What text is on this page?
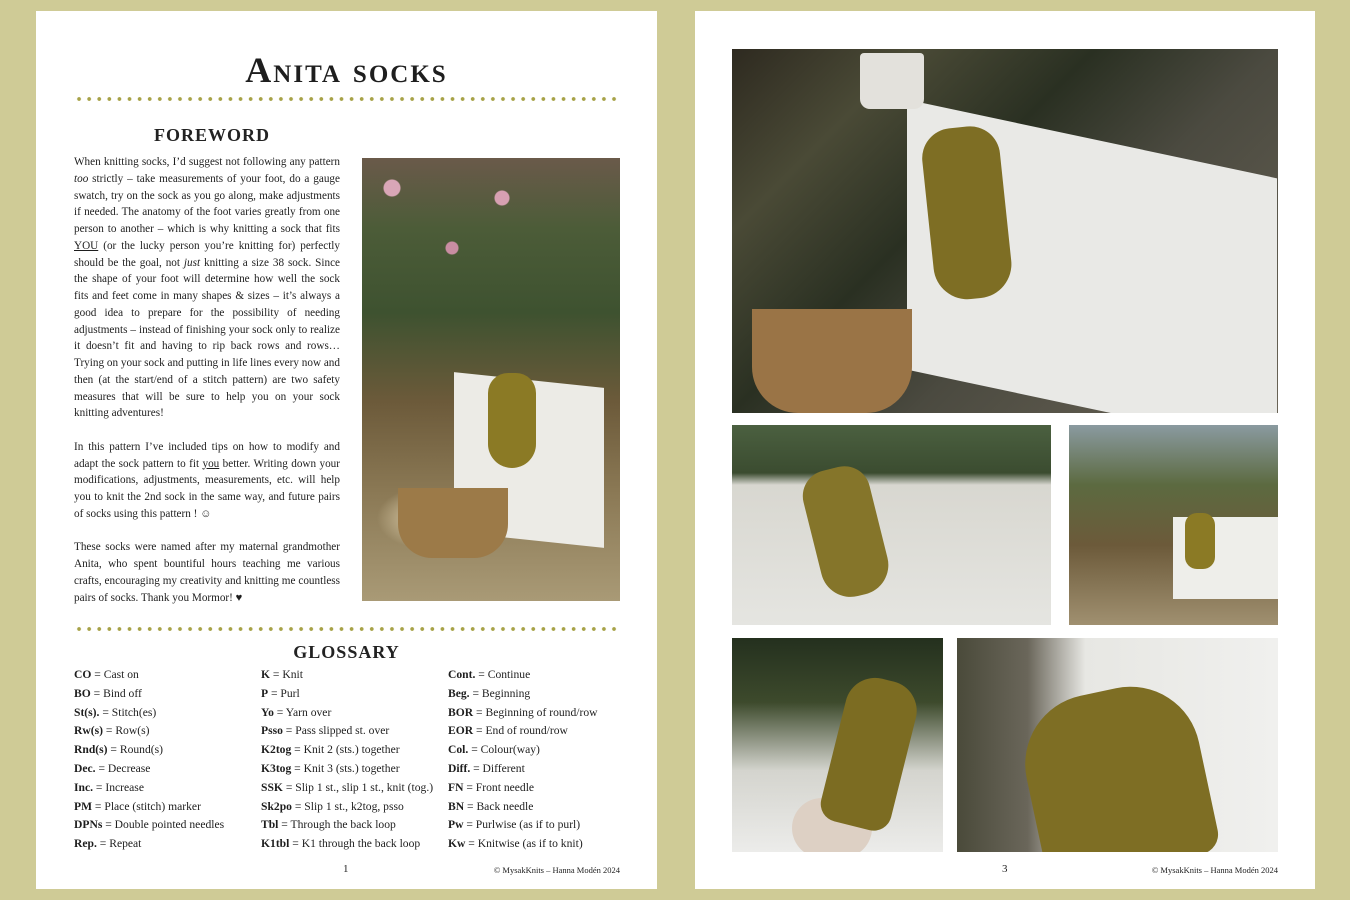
Anita socks
FOREWORD

When knitting socks, I’d suggest not following any pattern too strictly – take measurements of your foot, do a gauge swatch, try on the sock as you go along, make adjustments if needed. The anatomy of the foot varies greatly from one person to another – which is why knitting a sock that fits YOU (or the lucky person you’re knitting for) perfectly should be the goal, not just knitting a size 38 sock. Since the shape of your foot will determine how well the sock fits and feet come in many shapes & sizes – it’s always a good idea to prepare for the possibility of needing adjustments – instead of finishing your sock only to realize it doesn’t fit and having to rip back rows and rows… Trying on your sock and putting in life lines every now and then (at the start/end of a stitch pattern) are two safety measures that will be sure to help you on your sock knitting adventures!

In this pattern I’ve included tips on how to modify and adapt the sock pattern to fit you better. Writing down your modifications, adjustments, measurements, etc. will help you to knit the 2nd sock in the same way, and future pairs of socks using this pattern ! ☺

These socks were named after my maternal grandmother Anita, who spent bountiful hours teaching me various crafts, encouraging my creativity and knitting me countless pairs of socks. Thank you Mormor! ♥

GLOSSARY
CO = Cast on
BO = Bind off
St(s). = Stitch(es)
Rw(s) = Row(s)
Rnd(s) = Round(s)
Dec. = Decrease
Inc. = Increase
PM = Place (stitch) marker
DPNs = Double pointed needles
Rep. = Repeat
K = Knit
P = Purl
Yo = Yarn over
Psso = Pass slipped st. over
K2tog = Knit 2 (sts.) together
K3tog = Knit 3 (sts.) together
SSK = Slip 1 st., slip 1 st., knit (tog.)
Sk2po = Slip 1 st., k2tog, psso
Tbl = Through the back loop
K1tbl = K1 through the back loop
Cont. = Continue
Beg. = Beginning
BOR = Beginning of round/row
EOR = End of round/row
Col. = Colour(way)
Diff. = Different
FN = Front needle
BN = Back needle
Pw = Purlwise (as if to purl)
Kw = Knitwise (as if to knit)
1	© MysakKnits – Hanna Modén 2024	3	© MysakKnits – Hanna Modén 2024
